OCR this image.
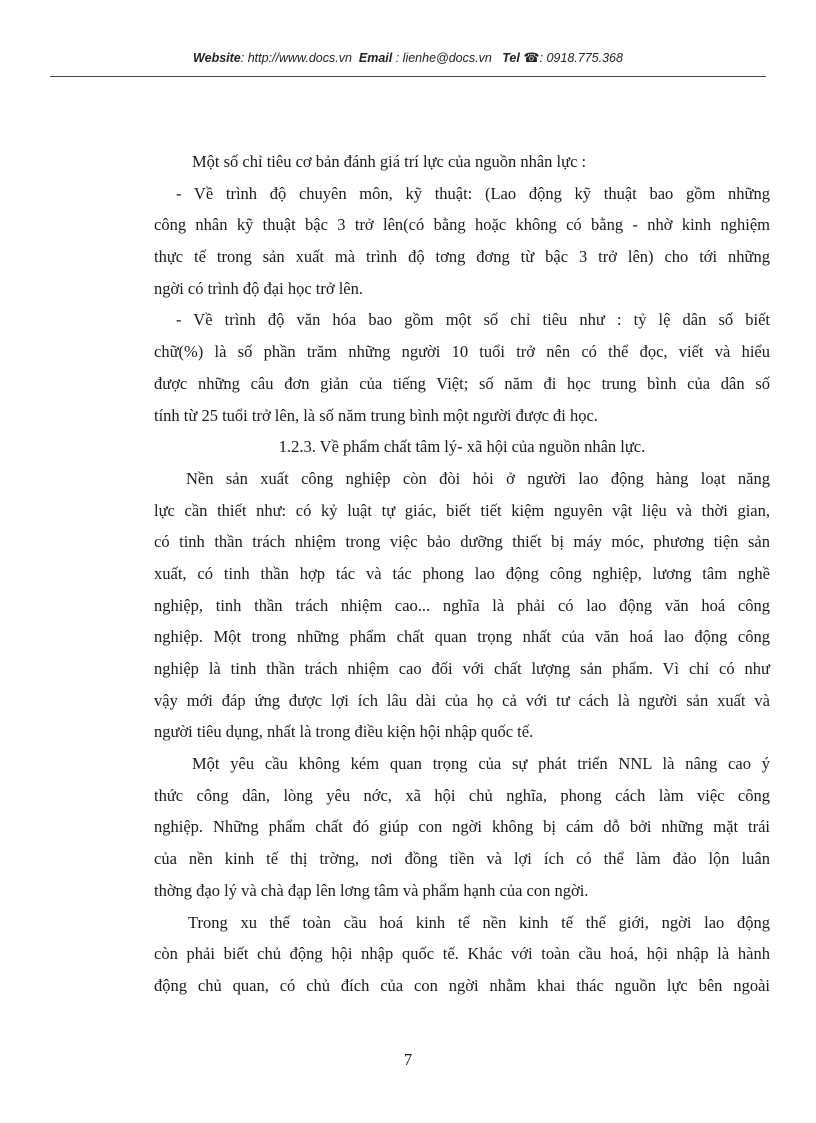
Website: http://www.docs.vn Email : lienhe@docs.vn Tel ☎: 0918.775.368
Một số chỉ tiêu cơ bản đánh giá trí lực của nguồn nhân lực :
- Về trình độ chuyên môn, kỹ thuật: (Lao động kỹ thuật bao gồm những
công nhân kỹ thuật bậc 3 trở lên(có bằng hoặc không có bằng - nhờ kinh nghiệm
thực tế trong sản xuất mà trình độ tơng đơng từ bậc 3 trở lên) cho tới những
ngời có trình độ đại học trở lên.
- Về trình độ văn hóa bao gồm một số chỉ tiêu như : tỷ lệ dân số biết
chữ(%) là số phần trăm những người 10 tuổi trở nên có thể đọc, viết và hiểu
được những câu đơn giản của tiếng Việt; số năm đi học trung bình của dân số
tính từ 25 tuổi trở lên, là số năm trung bình một người được đi học.
1.2.3. Về phẩm chất tâm lý- xã hội của nguồn nhân lực.
Nền sản xuất công nghiệp còn đòi hỏi ở người lao động hàng loạt năng
lực cần thiết như: có kỷ luật tự giác, biết tiết kiệm nguyên vật liệu và thời gian,
có tinh thần trách nhiệm trong việc bảo dưỡng thiết bị máy móc, phương tiện sản
xuất, có tinh thần hợp tác và tác phong lao động công nghiệp, lương tâm nghề
nghiệp, tinh thần trách nhiệm cao... nghĩa là phải có lao động văn hoá công
nghiệp. Một trong những phẩm chất quan trọng nhất của văn hoá lao động công
nghiệp là tinh thần trách nhiệm cao đối với chất lượng sản phẩm. Vì chỉ có như
vậy mới đáp ứng được lợi ích lâu dài của họ cả với tư cách là người sản xuất và
người tiêu dụng, nhất là trong điều kiện hội nhập quốc tế.
Một yêu cầu không kém quan trọng của sự phát triển NNL là nâng cao ý
thức công dân, lòng yêu nớc, xã hội chủ nghĩa, phong cách làm việc công
nghiệp. Những phẩm chất đó giúp con ngời không bị cám dỗ bởi những mặt trái
của nền kinh tế thị trờng, nơi đồng tiền và lợi ích có thể làm đảo lộn luân
thờng đạo lý và chà đạp lên lơng tâm và phẩm hạnh của con ngời.
Trong xu thế toàn cầu hoá kinh tế nền kinh tế thế giới, ngời lao động
còn phải biết chủ động hội nhập quốc tế. Khác với toàn cầu hoá, hội nhập là hành
động chủ quan, có chủ đích của con ngời nhằm khai thác nguồn lực bên ngoài
7
